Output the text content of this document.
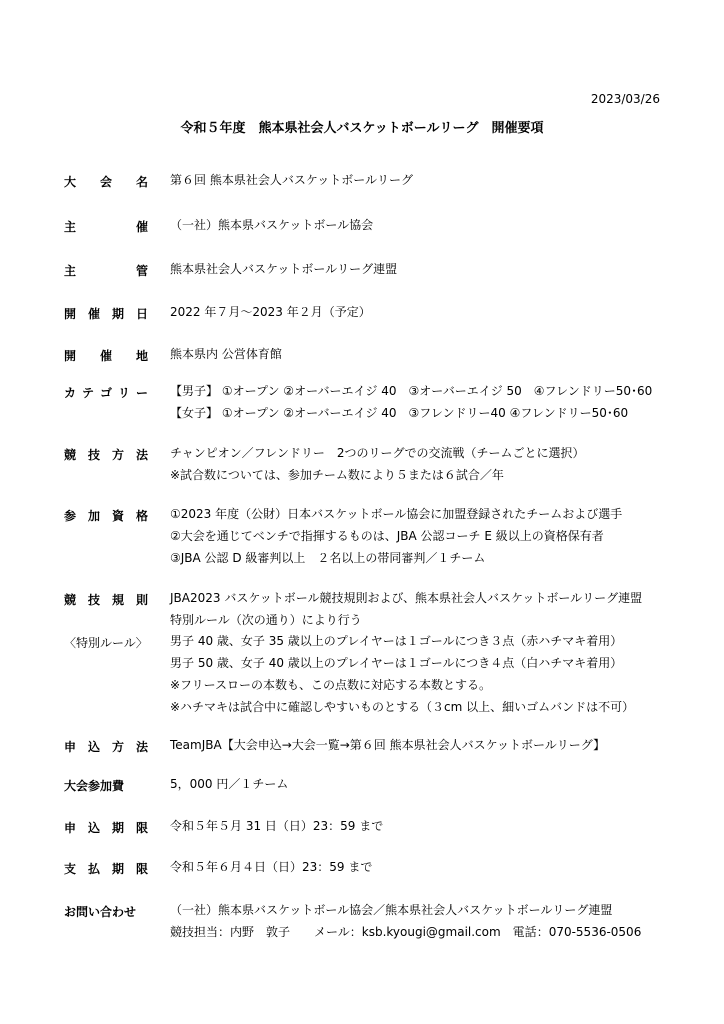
2023/03/26
令和５年度　熊本県社会人バスケットボールリーグ　開催要項
大 会 名 第６回 熊本県社会人バスケットボールリーグ
主	催 （一社）熊本県バスケットボール協会
主	管 熊本県社会人バスケットボールリーグ連盟
開 催 期 日 2022 年７月～2023 年２月（予定）
開 催 地 熊本県内 公営体育館
カ テ ゴ リ ー 【男子】 ①オープン ②オーバーエイジ 40　③オーバーエイジ 50　④フレンドリー50･60
【女子】 ①オープン ②オーバーエイジ 40　③フレンドリー40 ④フレンドリー50･60
競 技 方 法 チャンピオン／フレンドリー　2つのリーグでの交流戦（チームごとに選択）
※試合数については、参加チーム数により５または６試合／年
参 加 資 格 ①2023 年度（公財）日本バスケットボール協会に加盟登録されたチームおよび選手
②大会を通じてベンチで指揮するものは、JBA 公認コーチ E 級以上の資格保有者
③JBA 公認 D 級審判以上　２名以上の帯同審判／１チーム
競 技 規 則 JBA2023 バスケットボール競技規則および、熊本県社会人バスケットボールリーグ連盟
特別ルール（次の通り）により行う
〈特別ルール〉	男子 40 歳、女子 35 歳以上のプレイヤーは１ゴールにつき３点（赤ハチマキ着用）
男子 50 歳、女子 40 歳以上のプレイヤーは１ゴールにつき４点（白ハチマキ着用）
※フリースローの本数も、この点数に対応する本数とする。
※ハチマキは試合中に確認しやすいものとする（３cm 以上、細いゴムバンドは不可）
申 込 方 法 TeamJBA【大会申込→大会一覧→第６回 熊本県社会人バスケットボールリーグ】
大会参加費	5，000 円／１チーム
申 込 期 限 令和５年５月 31 日（日）23：59 まで
支 払 期 限 令和５年６月４日（日）23：59 まで
お問い合わせ	（一社）熊本県バスケットボール協会／熊本県社会人バスケットボールリーグ連盟
競技担当：内野　敦子　　メール：ksb.kyougi@gmail.com　電話：070-5536-0506
